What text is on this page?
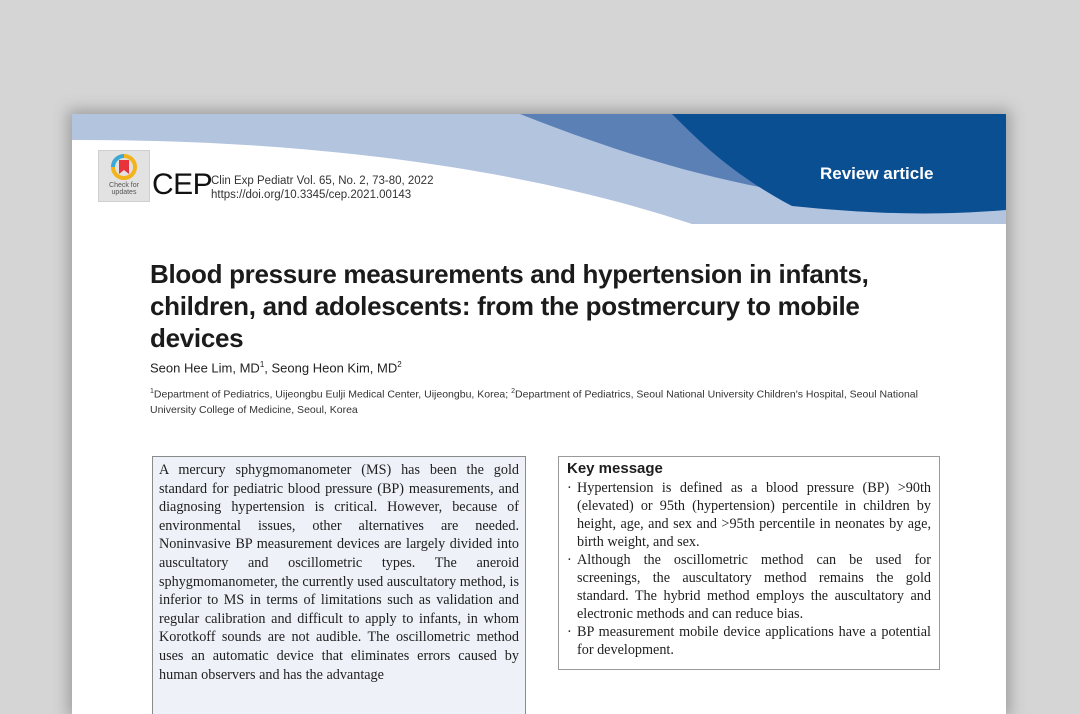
Check for updates CEP
Clin Exp Pediatr Vol. 65, No. 2, 73-80, 2022
https://doi.org/10.3345/cep.2021.00143
Review article
Blood pressure measurements and hypertension in infants, children, and adolescents: from the postmercury to mobile devices
Seon Hee Lim, $MD^1$, Seong Heon Kim, $MD^2$
$^1$Department of Pediatrics, Uijeongbu Eulji Medical Center, Uijeongbu, Korea; $^2$Department of Pediatrics, Seoul National University Children's Hospital, Seoul National University College of Medicine, Seoul, Korea
A mercury sphygmomanometer (MS) has been the gold standard for pediatric blood pressure (BP) measurements, and diagnosing hypertension is critical. However, because of environmental issues, other alternatives are needed. Noninvasive BP measurement devices are largely divided into auscultatory and oscillometric types. The aneroid sphygmomanometer, the currently used auscultatory method, is inferior to MS in terms of limitations such as validation and regular calibration and difficult to apply to infants, in whom Korotkoff sounds are not audible. The oscillometric method uses an automatic device that eliminates errors caused by human observers and has the advantage
Key message
· Hypertension is defined as a blood pressure (BP) >90th (elevated) or 95th (hypertension) percentile in children by height, age, and sex and >95th percentile in neonates by age, birth weight, and sex.
· Although the oscillometric method can be used for screenings, the auscultatory method remains the gold standard. The hybrid method employs the auscultatory and electronic methods and can reduce bias.
· BP measurement mobile device applications have a potential for development.
